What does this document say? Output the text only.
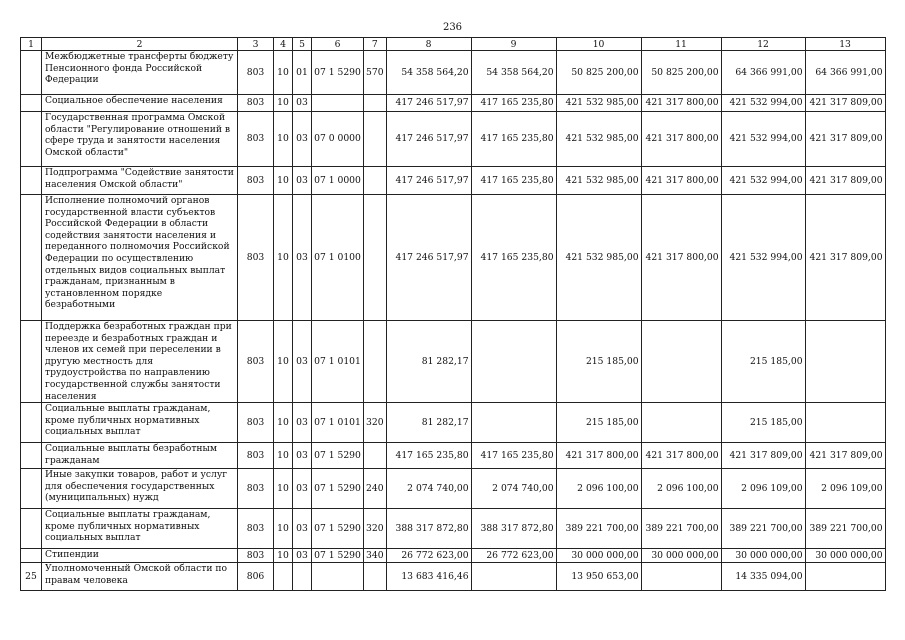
236
1	2	3	4	5	6	7	8	9	10	11	12	13
	Межбюджетные трансферты бюджету Пенсионного фонда Российской Федерации	803	10	01	07 1 5290	570	54 358 564,20	54 358 564,20	50 825 200,00	50 825 200,00	64 366 991,00	64 366 991,00
	Социальное обеспечение населения	803	10	03			417 246 517,97	417 165 235,80	421 532 985,00	421 317 800,00	421 532 994,00	421 317 809,00
	Государственная программа Омской области "Регулирование отношений в сфере труда и занятости населения Омской области"	803	10	03	07 0 0000		417 246 517,97	417 165 235,80	421 532 985,00	421 317 800,00	421 532 994,00	421 317 809,00
	Подпрограмма "Содействие занятости населения Омской области"	803	10	03	07 1 0000		417 246 517,97	417 165 235,80	421 532 985,00	421 317 800,00	421 532 994,00	421 317 809,00
	Исполнение полномочий органов государственной власти субъектов Российской Федерации в области содействия занятости населения и переданного полномочия Российской Федерации по осуществлению отдельных видов социальных выплат гражданам, признанным в установленном порядке безработными	803	10	03	07 1 0100		417 246 517,97	417 165 235,80	421 532 985,00	421 317 800,00	421 532 994,00	421 317 809,00
	Поддержка безработных граждан при переезде и безработных граждан и членов их семей при переселении в другую местность для трудоустройства по направлению государственной службы занятости населения	803	10	03	07 1 0101		81 282,17		215 185,00		215 185,00	
	Социальные выплаты гражданам, кроме публичных нормативных социальных выплат	803	10	03	07 1 0101	320	81 282,17		215 185,00		215 185,00	
	Социальные выплаты безработным гражданам	803	10	03	07 1 5290		417 165 235,80	417 165 235,80	421 317 800,00	421 317 800,00	421 317 809,00	421 317 809,00
	Иные закупки товаров, работ и услуг для обеспечения государственных (муниципальных) нужд	803	10	03	07 1 5290	240	2 074 740,00	2 074 740,00	2 096 100,00	2 096 100,00	2 096 109,00	2 096 109,00
	Социальные выплаты гражданам, кроме публичных нормативных социальных выплат	803	10	03	07 1 5290	320	388 317 872,80	388 317 872,80	389 221 700,00	389 221 700,00	389 221 700,00	389 221 700,00
	Стипендии	803	10	03	07 1 5290	340	26 772 623,00	26 772 623,00	30 000 000,00	30 000 000,00	30 000 000,00	30 000 000,00
25	Уполномоченный Омской области по правам человека	806					13 683 416,46		13 950 653,00		14 335 094,00	
